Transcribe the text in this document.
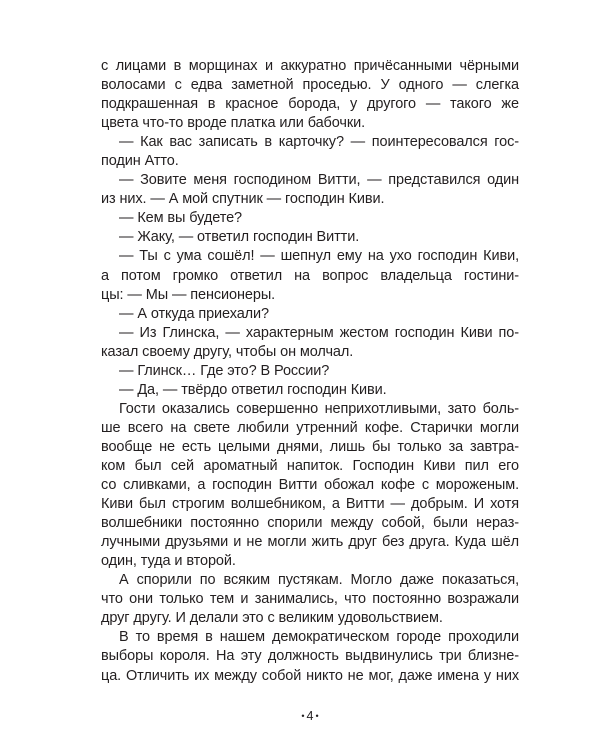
с лицами в морщинах и аккуратно причёсанными чёрными
волосами с едва заметной проседью. У одного — слегка
подкрашенная в красное борода, у другого — такого же
цвета что-то вроде платка или бабочки.
— Как вас записать в карточку? — поинтересовался гос-
подин Атто.
— Зовите меня господином Витти, — представился один
из них. — А мой спутник — господин Киви.
— Кем вы будете?
— Жаку, — ответил господин Витти.
— Ты с ума сошёл! — шепнул ему на ухо господин Киви,
а потом громко ответил на вопрос владельца гостини-
цы: — Мы — пенсионеры.
— А откуда приехали?
— Из Глинска, — характерным жестом господин Киви по-
казал своему другу, чтобы он молчал.
— Глинск… Где это? В России?
— Да, — твёрдо ответил господин Киви.
Гости оказались совершенно неприхотливыми, зато боль-
ше всего на свете любили утренний кофе. Старички могли
вообще не есть целыми днями, лишь бы только за завтра-
ком был сей ароматный напиток. Господин Киви пил его
со сливками, а господин Витти обожал кофе с мороженым.
Киви был строгим волшебником, а Витти — добрым. И хотя
волшебники постоянно спорили между собой, были нераз-
лучными друзьями и не могли жить друг без друга. Куда шёл
один, туда и второй.
А спорили по всяким пустякам. Могло даже показаться,
что они только тем и занимались, что постоянно возражали
друг другу. И делали это с великим удовольствием.
В то время в нашем демократическом городе проходили
выборы короля. На эту должность выдвинулись три близне-
ца. Отличить их между собой никто не мог, даже имена у них
• 4 •
